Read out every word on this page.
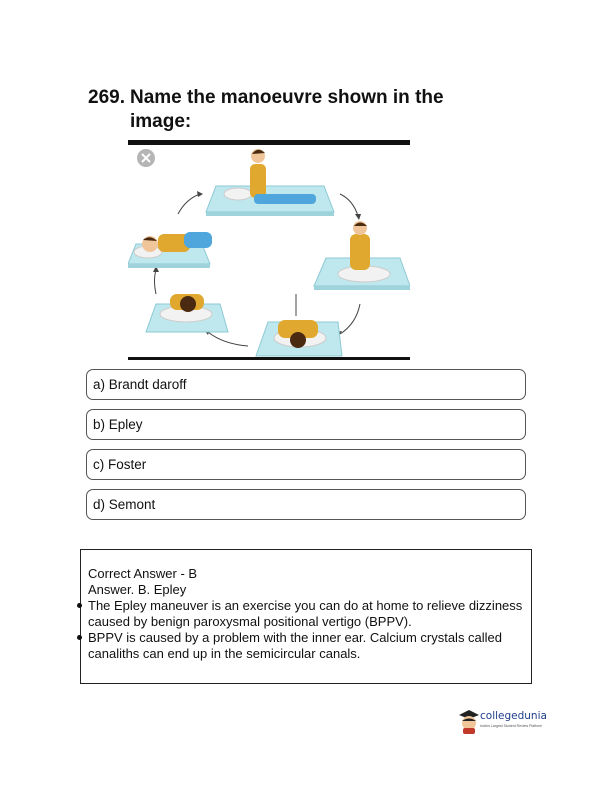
269. Name the manoeuvre shown in the image:
a) Brandt daroff
b) Epley
c) Foster
d) Semont
Correct Answer - B
Answer. B. Epley
The Epley maneuver is an exercise you can do at home to relieve dizziness caused by benign paroxysmal positional vertigo (BPPV).
BPPV is caused by a problem with the inner ear. Calcium crystals called canaliths can end up in the semicircular canals.
collegedunia
India's Largest Student Review Platform
